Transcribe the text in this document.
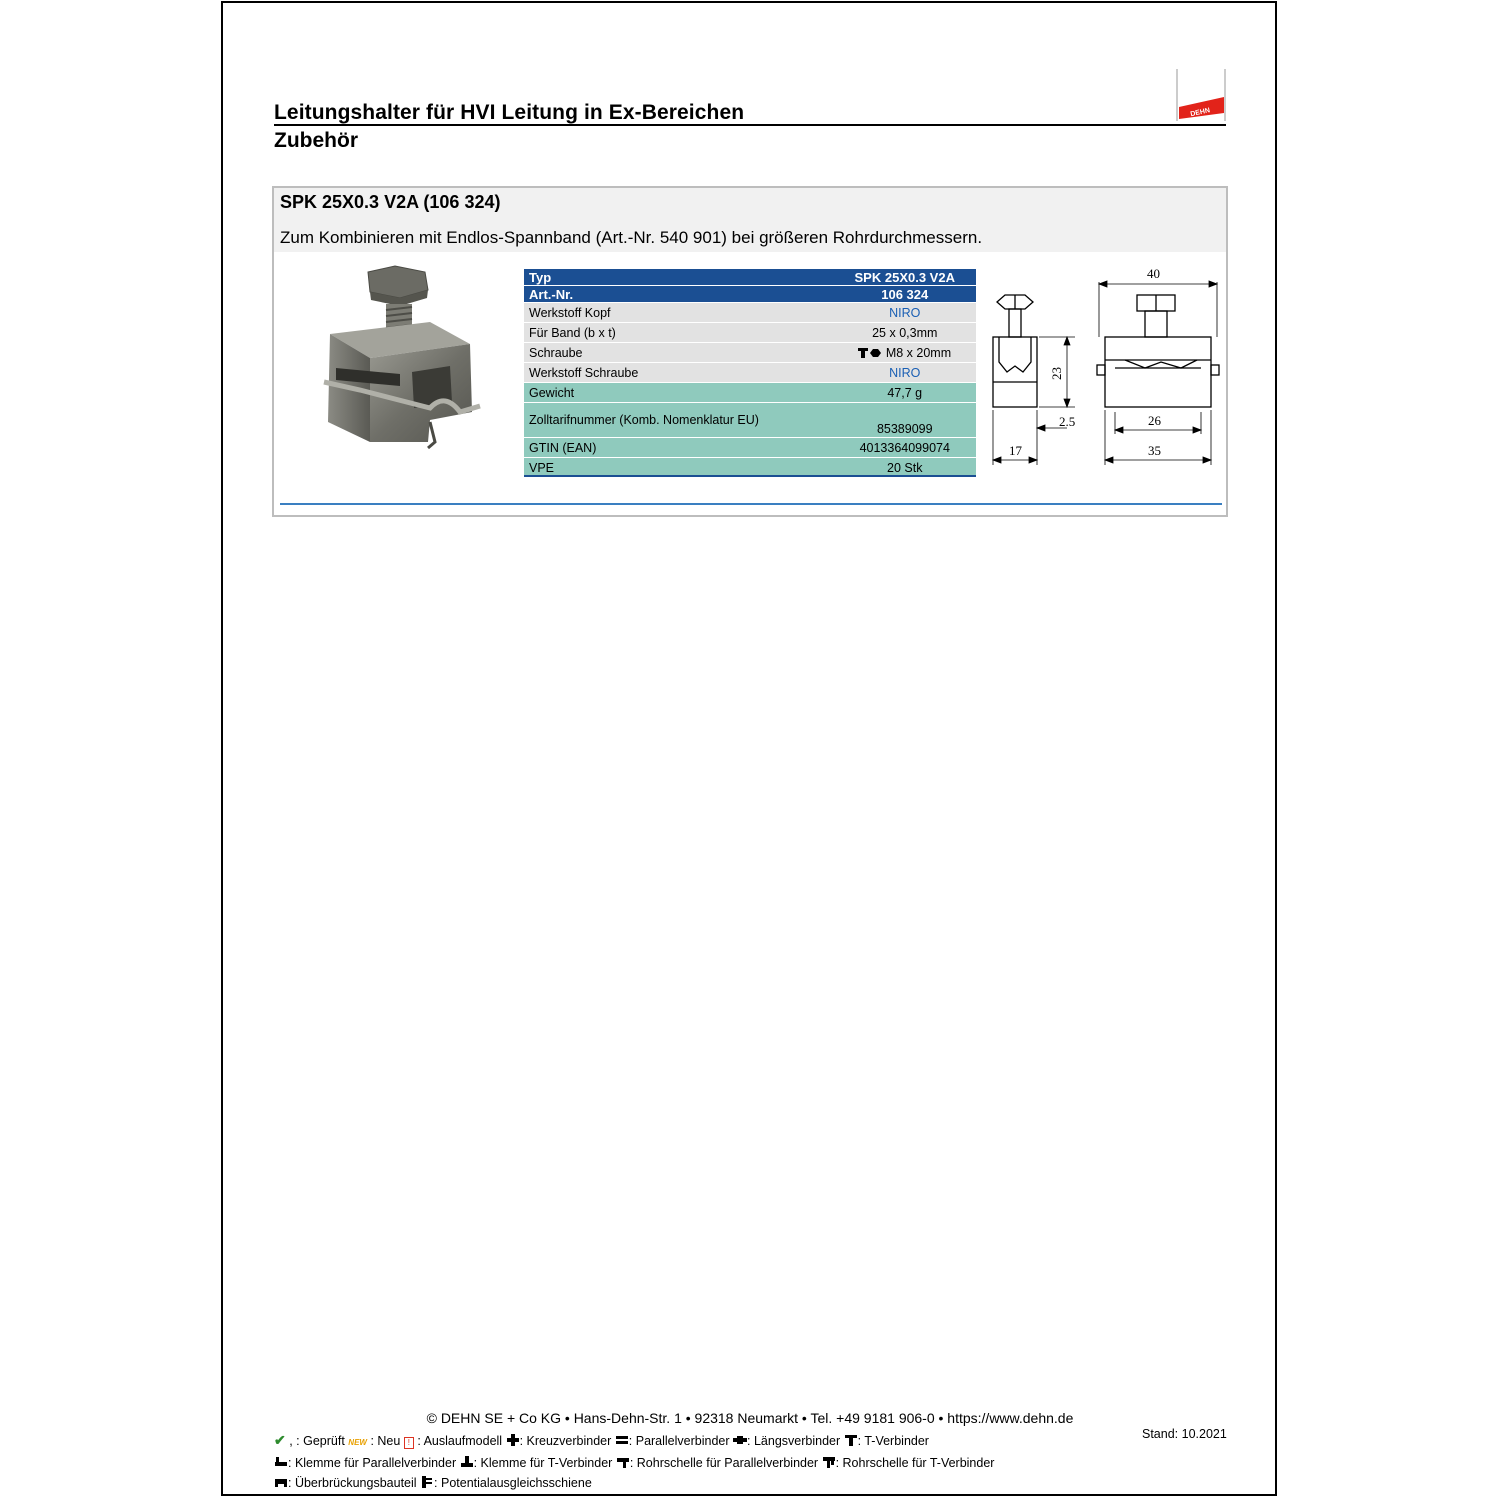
Leitungshalter für HVI Leitung in Ex-Bereichen
Zubehör
DEHN
SPK 25X0.3 V2A (106 324)
Zum Kombinieren mit Endlos-Spannband (Art.-Nr. 540 901) bei größeren Rohrdurchmessern.
Typ	SPK 25X0.3 V2A
Art.-Nr.	106 324
Werkstoff Kopf	NIRO
Für Band (b x t)	25 x 0,3mm
Schraube	M8 x 20mm
Werkstoff Schraube	NIRO
Gewicht	47,7 g
Zolltarifnummer (Komb. Nomenklatur EU)	85389099
GTIN (EAN)	4013364099074
VPE	20 Stk
40
23
2.5	26
17	35
© DEHN SE + Co KG • Hans-Dehn-Str. 1 • 92318 Neumarkt • Tel. +49 9181 906-0 • https://www.dehn.de
Stand: 10.2021
✔ , : Geprüft NEW : Neu ! : Auslaufmodell : Kreuzverbinder : Parallelverbinder : Längsverbinder : T-Verbinder
: Klemme für Parallelverbinder : Klemme für T-Verbinder : Rohrschelle für Parallelverbinder : Rohrschelle für T-Verbinder
: Überbrückungsbauteil : Potentialausgleichsschiene
